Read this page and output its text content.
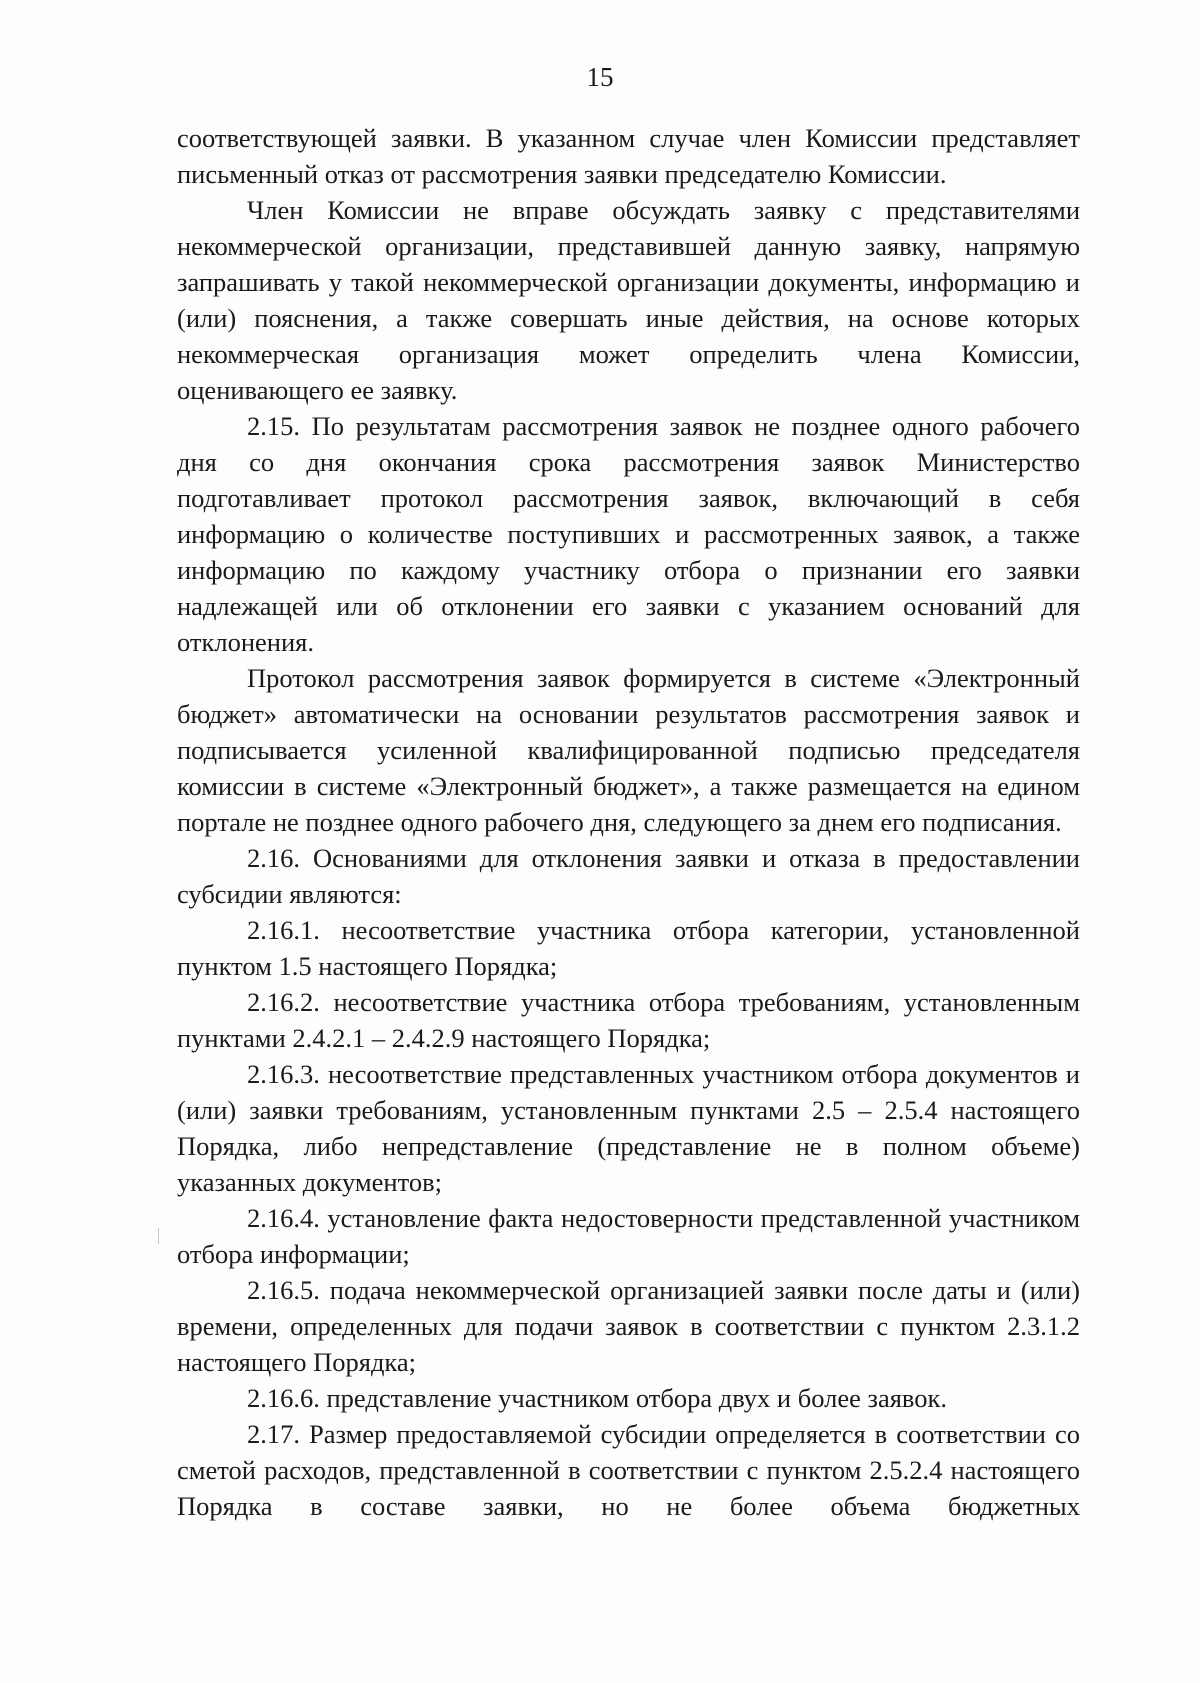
15

соответствующей заявки. В указанном случае член Комиссии представляет письменный отказ от рассмотрения заявки председателю Комиссии.

Член Комиссии не вправе обсуждать заявку с представителями некоммерческой организации, представившей данную заявку, напрямую запрашивать у такой некоммерческой организации документы, информацию и (или) пояснения, а также совершать иные действия, на основе которых некоммерческая организация может определить члена Комиссии, оценивающего ее заявку.

2.15. По результатам рассмотрения заявок не позднее одного рабочего дня со дня окончания срока рассмотрения заявок Министерство подготавливает протокол рассмотрения заявок, включающий в себя информацию о количестве поступивших и рассмотренных заявок, а также информацию по каждому участнику отбора о признании его заявки надлежащей или об отклонении его заявки с указанием оснований для отклонения.

Протокол рассмотрения заявок формируется в системе «Электронный бюджет» автоматически на основании результатов рассмотрения заявок и подписывается усиленной квалифицированной подписью председателя комиссии в системе «Электронный бюджет», а также размещается на едином портале не позднее одного рабочего дня, следующего за днем его подписания.

2.16. Основаниями для отклонения заявки и отказа в предоставлении субсидии являются:

2.16.1. несоответствие участника отбора категории, установленной пунктом 1.5 настоящего Порядка;

2.16.2. несоответствие участника отбора требованиям, установленным пунктами 2.4.2.1 – 2.4.2.9 настоящего Порядка;

2.16.3. несоответствие представленных участником отбора документов и (или) заявки требованиям, установленным пунктами 2.5 – 2.5.4 настоящего Порядка, либо непредставление (представление не в полном объеме) указанных документов;

2.16.4. установление факта недостоверности представленной участником отбора информации;

2.16.5. подача некоммерческой организацией заявки после даты и (или) времени, определенных для подачи заявок в соответствии с пунктом 2.3.1.2 настоящего Порядка;

2.16.6. представление участником отбора двух и более заявок.

2.17. Размер предоставляемой субсидии определяется в соответствии со сметой расходов, представленной в соответствии с пунктом 2.5.2.4 настоящего Порядка в составе заявки, но не более объема бюджетных
